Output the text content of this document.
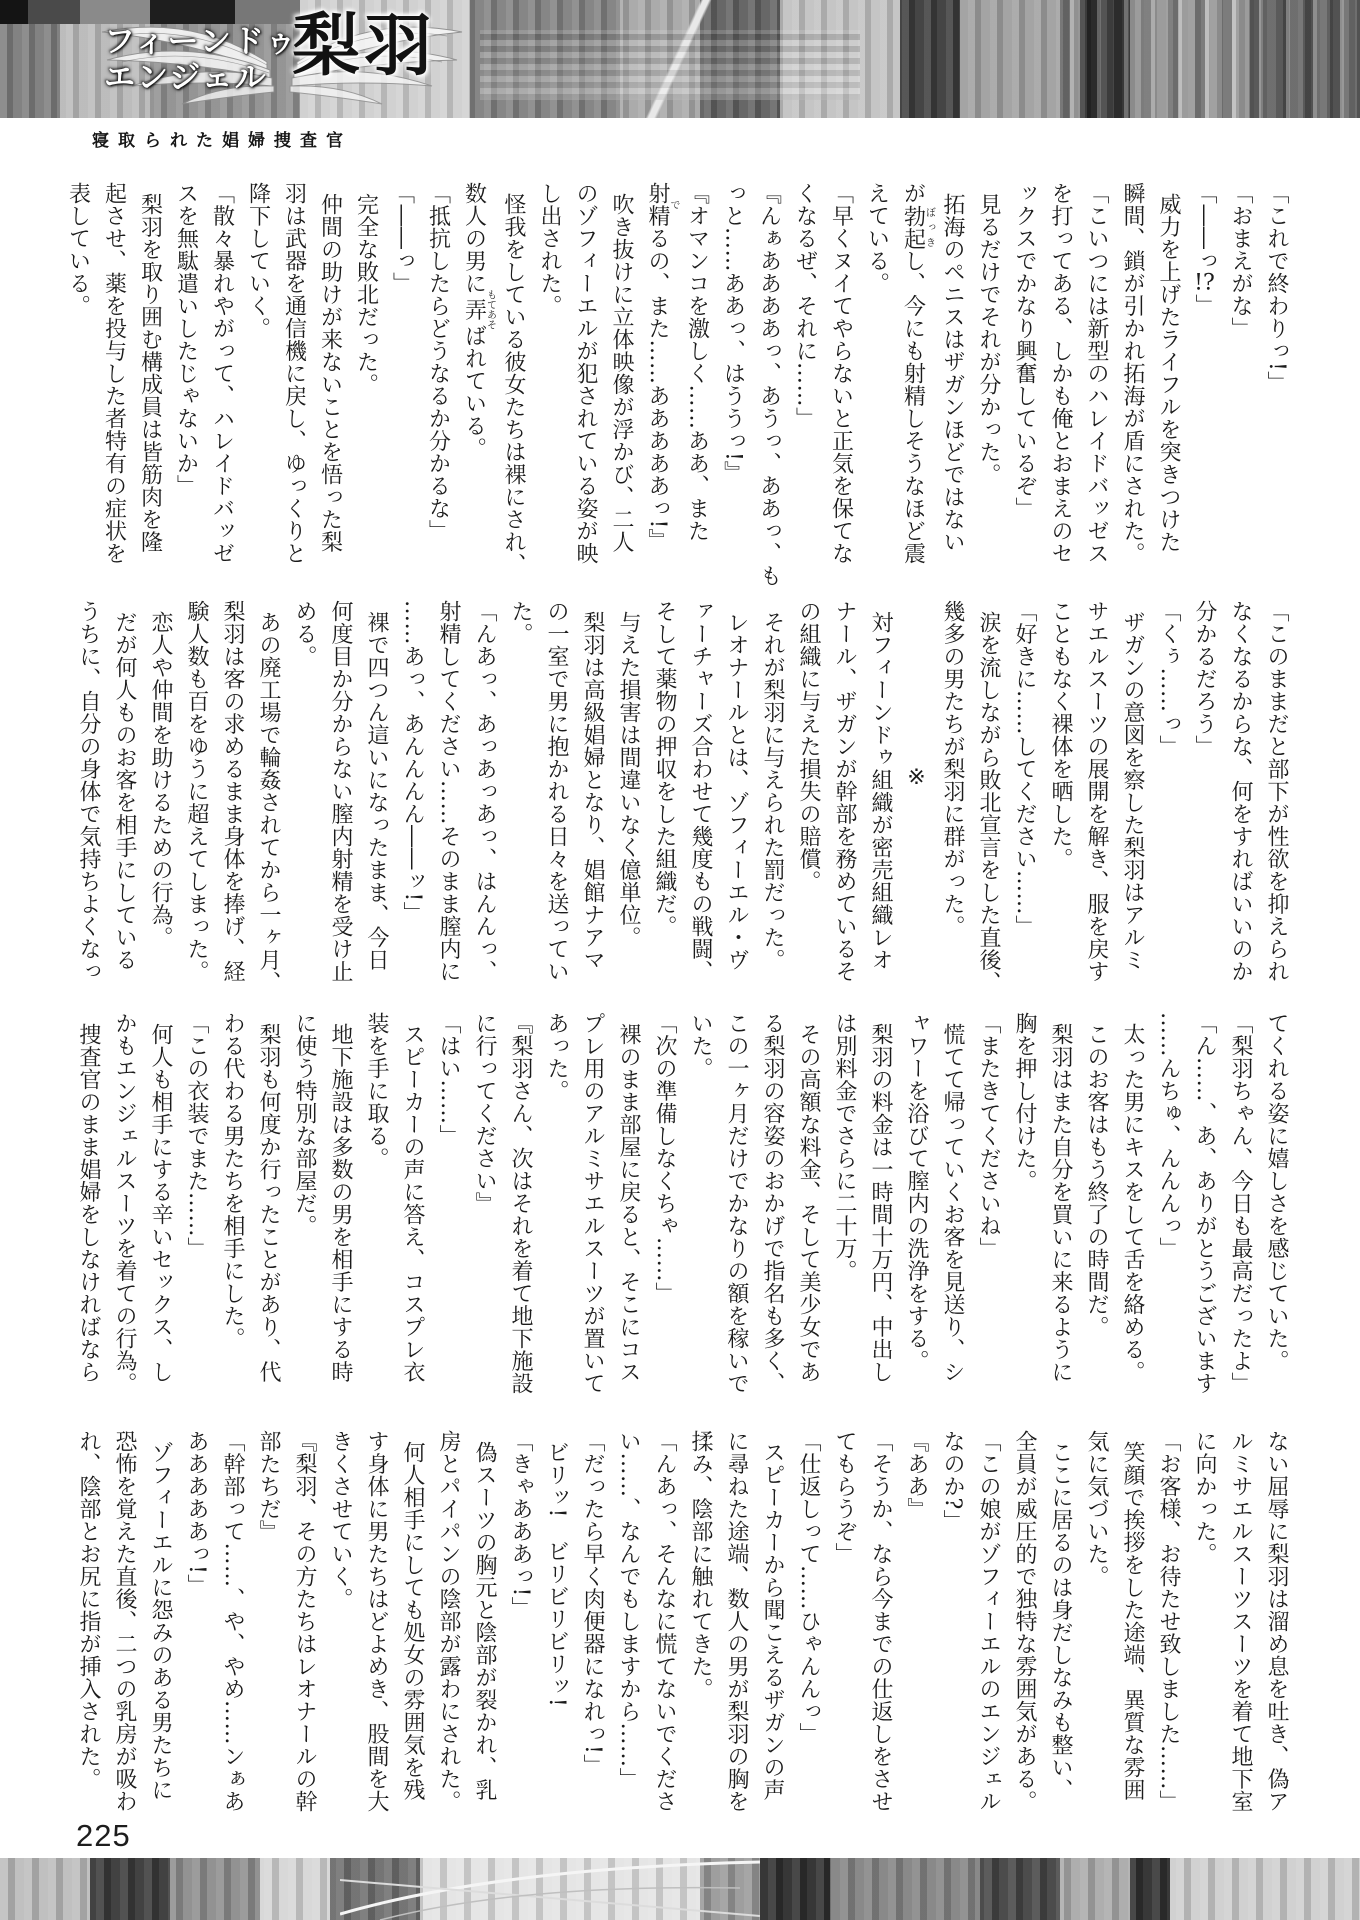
フィーンドゥ
エンジェル 梨羽
寝取られた娼婦捜査官

「これで終わりっ!」

「おまえがな」

「――っ!?」

威力を上げたライフルを突きつけた

瞬間、鎖が引かれ拓海が盾にされた。

「こいつには新型のハレイドバッゼス

を打ってある、しかも俺とおまえのセ

ックスでかなり興奮しているぞ」

見るだけでそれが分かった。

拓海のペニスはザガンほどではない

が勃起ぼっきし、今にも射精しそうなほど震

えている。

「早くヌイてやらないと正気を保てな

くなるぜ、それに……」

『んぁああああっ、あうっ、ああっ、も

っと……ああっ、はううっ!』

『オマンコを激しく……ああ、また

射精でるの、また……あああああっ!』

吹き抜けに立体映像が浮かび、二人

のゾフィーエルが犯されている姿が映

し出された。

怪我をしている彼女たちは裸にされ、

数人の男に弄もてあそばれている。

「抵抗したらどうなるか分かるな」

「――っ」

完全な敗北だった。

仲間の助けが来ないことを悟った梨

羽は武器を通信機に戻し、ゆっくりと

降下していく。

「散々暴れやがって、ハレイドバッゼ

スを無駄遣いしたじゃないか」

梨羽を取り囲む構成員は皆筋肉を隆

起させ、薬を投与した者特有の症状を

表している。

「このままだと部下が性欲を抑えられ

なくなるからな、何をすればいいのか

分かるだろう」

「くぅ……っ」

ザガンの意図を察した梨羽はアルミ

サエルスーツの展開を解き、服を戻す

こともなく裸体を晒した。

「好きに……してください……」

涙を流しながら敗北宣言をした直後、

幾多の男たちが梨羽に群がった。

※

対フィーンドゥ組織が密売組織レオ

ナール、ザガンが幹部を務めているそ

の組織に与えた損失の賠償。

それが梨羽に与えられた罰だった。

レオナールとは、ゾフィーエル・ヴ

ァーチャーズ合わせて幾度もの戦闘、

そして薬物の押収をした組織だ。

与えた損害は間違いなく億単位。

梨羽は高級娼婦となり、娼館ナアマ

の一室で男に抱かれる日々を送ってい

た。

「んあっ、あっあっあっ、はんんっ、

射精してください……そのまま膣内に

……あっ、あんんんん――ッ!」

裸で四つん這いになったまま、今日

何度目か分からない膣内射精を受け止

める。

あの廃工場で輪姦されてから一ヶ月、

梨羽は客の求めるまま身体を捧げ、経

験人数も百をゆうに超えてしまった。

恋人や仲間を助けるための行為。

だが何人ものお客を相手にしている

うちに、自分の身体で気持ちよくなっ

てくれる姿に嬉しさを感じていた。

「梨羽ちゃん、今日も最高だったよ」

「ん……、あ、ありがとうございます

……んちゅ、んんんっ」

太った男にキスをして舌を絡める。

このお客はもう終了の時間だ。

梨羽はまた自分を買いに来るように

胸を押し付けた。

「またきてくださいね」

慌てて帰っていくお客を見送り、シ

ャワーを浴びて膣内の洗浄をする。

梨羽の料金は一時間十万円、中出し

は別料金でさらに二十万。

その高額な料金、そして美少女であ

る梨羽の容姿のおかげで指名も多く、

この一ヶ月だけでかなりの額を稼いで

いた。

「次の準備しなくちゃ……」

裸のまま部屋に戻ると、そこにコス

プレ用のアルミサエルスーツが置いて

あった。

『梨羽さん、次はそれを着て地下施設

に行ってください』

「はい……」

スピーカーの声に答え、コスプレ衣

装を手に取る。

地下施設は多数の男を相手にする時

に使う特別な部屋だ。

梨羽も何度か行ったことがあり、代

わる代わる男たちを相手にした。

「この衣装でまた……」

何人も相手にする辛いセックス、し

かもエンジェルスーツを着ての行為。

捜査官のまま娼婦をしなければなら

ない屈辱に梨羽は溜め息を吐き、偽ア

ルミサエルスーツスーツを着て地下室

に向かった。

「お客様、お待たせ致しました……」

笑顔で挨拶をした途端、異質な雰囲

気に気づいた。

ここに居るのは身だしなみも整い、

全員が威圧的で独特な雰囲気がある。

「この娘がゾフィーエルのエンジェル

なのか?」

『ああ』

「そうか、なら今までの仕返しをさせ

てもらうぞ」

「仕返しって……ひゃんんっ」

スピーカーから聞こえるザガンの声

に尋ねた途端、数人の男が梨羽の胸を

揉み、陰部に触れてきた。

「んあっ、そんなに慌てないでくださ

い……、なんでもしますから……」

「だったら早く肉便器になれっ!」

ビリッ!　ビリビリビリッ!

「きゃあああっ!」

偽スーツの胸元と陰部が裂かれ、乳

房とパイパンの陰部が露わにされた。

何人相手にしても処女の雰囲気を残

す身体に男たちはどよめき、股間を大

きくさせていく。

『梨羽、その方たちはレオナールの幹

部たちだ』

「幹部って……、や、やめ……ンぁあ

あああああっ!」

ゾフィーエルに怨みのある男たちに

恐怖を覚えた直後、二つの乳房が吸わ

れ、陰部とお尻に指が挿入された。

225
